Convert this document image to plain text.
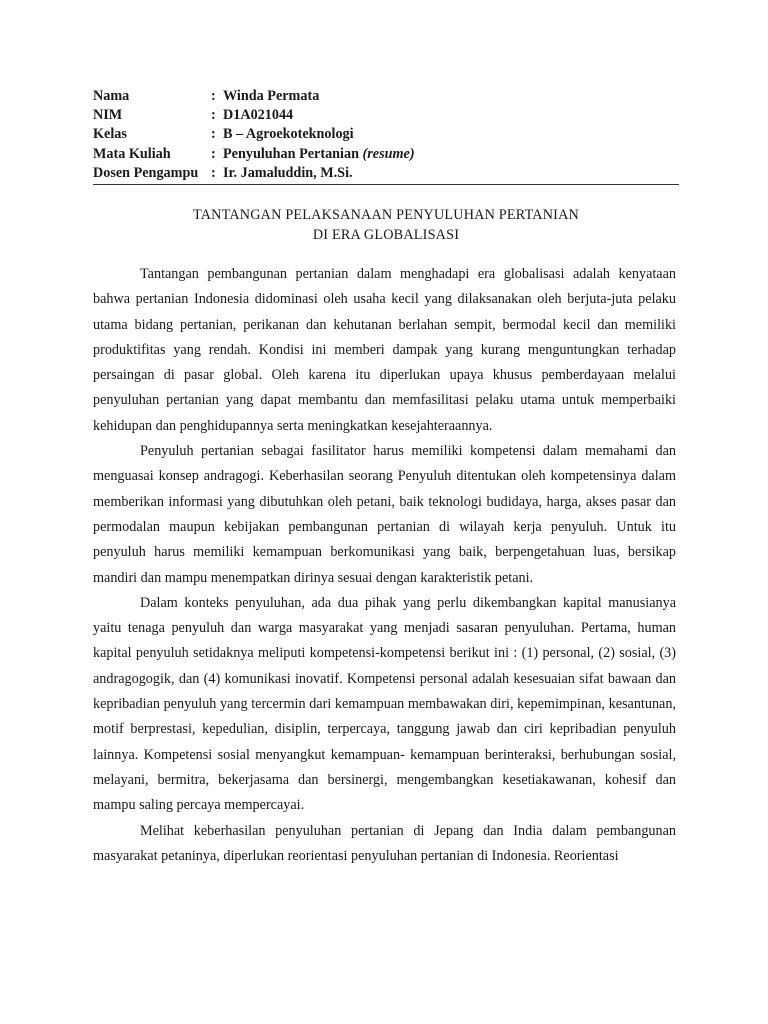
Nama	: Winda Permata
NIM	: D1A021044
Kelas	: B – Agroekoteknologi
Mata Kuliah	: Penyuluhan Pertanian (resume)
Dosen Pengampu : Ir. Jamaluddin, M.Si.
TANTANGAN PELAKSANAAN PENYULUHAN PERTANIAN
DI ERA GLOBALISASI

Tantangan pembangunan pertanian dalam menghadapi era globalisasi adalah kenyataan bahwa pertanian Indonesia didominasi oleh usaha kecil yang dilaksanakan oleh berjuta-juta pelaku utama bidang pertanian, perikanan dan kehutanan berlahan sempit, bermodal kecil dan memiliki produktifitas yang rendah. Kondisi ini memberi dampak yang kurang menguntungkan terhadap persaingan di pasar global. Oleh karena itu diperlukan upaya khusus pemberdayaan melalui penyuluhan pertanian yang dapat membantu dan memfasilitasi pelaku utama untuk memperbaiki kehidupan dan penghidupannya serta meningkatkan kesejahteraannya.

Penyuluh pertanian sebagai fasilitator harus memiliki kompetensi dalam memahami dan menguasai konsep andragogi. Keberhasilan seorang Penyuluh ditentukan oleh kompetensinya dalam memberikan informasi yang dibutuhkan oleh petani, baik teknologi budidaya, harga, akses pasar dan permodalan maupun kebijakan pembangunan pertanian di wilayah kerja penyuluh. Untuk itu penyuluh harus memiliki kemampuan berkomunikasi yang baik, berpengetahuan luas, bersikap mandiri dan mampu menempatkan dirinya sesuai dengan karakteristik petani.

Dalam konteks penyuluhan, ada dua pihak yang perlu dikembangkan kapital manusianya yaitu tenaga penyuluh dan warga masyarakat yang menjadi sasaran penyuluhan. Pertama, human kapital penyuluh setidaknya meliputi kompetensi-kompetensi berikut ini : (1) personal, (2) sosial, (3) andragogogik, dan (4) komunikasi inovatif. Kompetensi personal adalah kesesuaian sifat bawaan dan kepribadian penyuluh yang tercermin dari kemampuan membawakan diri, kepemimpinan, kesantunan, motif berprestasi, kepedulian, disiplin, terpercaya, tanggung jawab dan ciri kepribadian penyuluh lainnya. Kompetensi sosial menyangkut kemampuan- kemampuan berinteraksi, berhubungan sosial, melayani, bermitra, bekerjasama dan bersinergi, mengembangkan kesetiakawanan, kohesif dan mampu saling percaya mempercayai.

Melihat keberhasilan penyuluhan pertanian di Jepang dan India dalam pembangunan masyarakat petaninya, diperlukan reorientasi penyuluhan pertanian di Indonesia. Reorientasi
